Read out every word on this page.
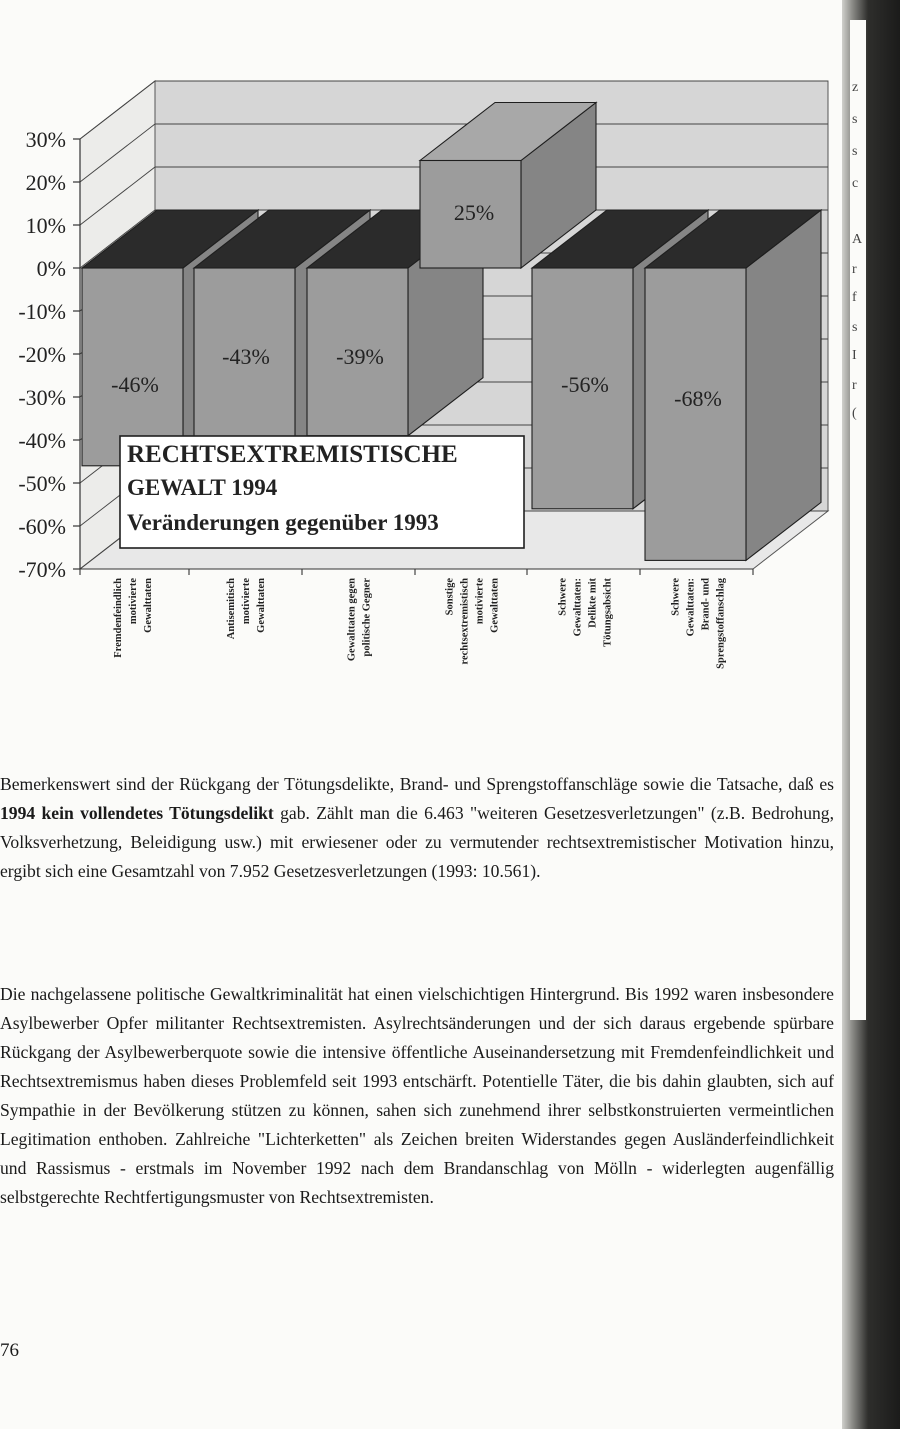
30%
20%
10%
0%
-10%
-20%
-30%
-40%
-50%
-60%
-70%
-46%
-43%	-39%
25%
-56%
-68%
Fremdenfeindlich motivierte Gewalttaten	Antisemitisch motivierte Gewalttaten	Gewalttaten gegen politische Gegner	Sonstige rechtsextremistisch motivierte Gewalttaten	Schwere Gewalttaten: Delikte mit Tötungsabsicht	Schwere Gewalttaten: Brand- und Sprengstoffanschlag
RECHTSEXTREMISTISCHE
GEWALT 1994
Veränderungen gegenüber 1993
Bemerkenswert sind der Rückgang der Tötungsdelikte, Brand- und Sprengstoffanschläge sowie die Tatsache, daß es 1994 kein vollendetes Tötungsdelikt gab. Zählt man die 6.463 "weiteren Gesetzesverletzungen" (z.B. Bedrohung, Volksverhetzung, Beleidigung usw.) mit erwiesener oder zu vermutender rechtsextremistischer Motivation hinzu, ergibt sich eine Gesamtzahl von 7.952 Gesetzesverletzungen (1993: 10.561).
Die nachgelassene politische Gewaltkriminalität hat einen vielschichtigen Hintergrund. Bis 1992 waren insbesondere Asylbewerber Opfer militanter Rechtsextremisten. Asylrechtsänderungen und der sich daraus ergebende spürbare Rückgang der Asylbewerberquote sowie die intensive öffentliche Auseinandersetzung mit Fremdenfeindlichkeit und Rechtsextremismus haben dieses Problemfeld seit 1993 entschärft. Potentielle Täter, die bis dahin glaubten, sich auf Sympathie in der Bevölkerung stützen zu können, sahen sich zunehmend ihrer selbstkonstruierten vermeintlichen Legitimation enthoben. Zahlreiche "Lichterketten" als Zeichen breiten Widerstandes gegen Ausländerfeindlichkeit und Rassismus - erstmals im November 1992 nach dem Brandanschlag von Mölln - widerlegten augenfällig selbstgerechte Rechtfertigungsmuster von Rechtsextremisten.
76
z
s
s
c
A
r
f
s
I
r
(
